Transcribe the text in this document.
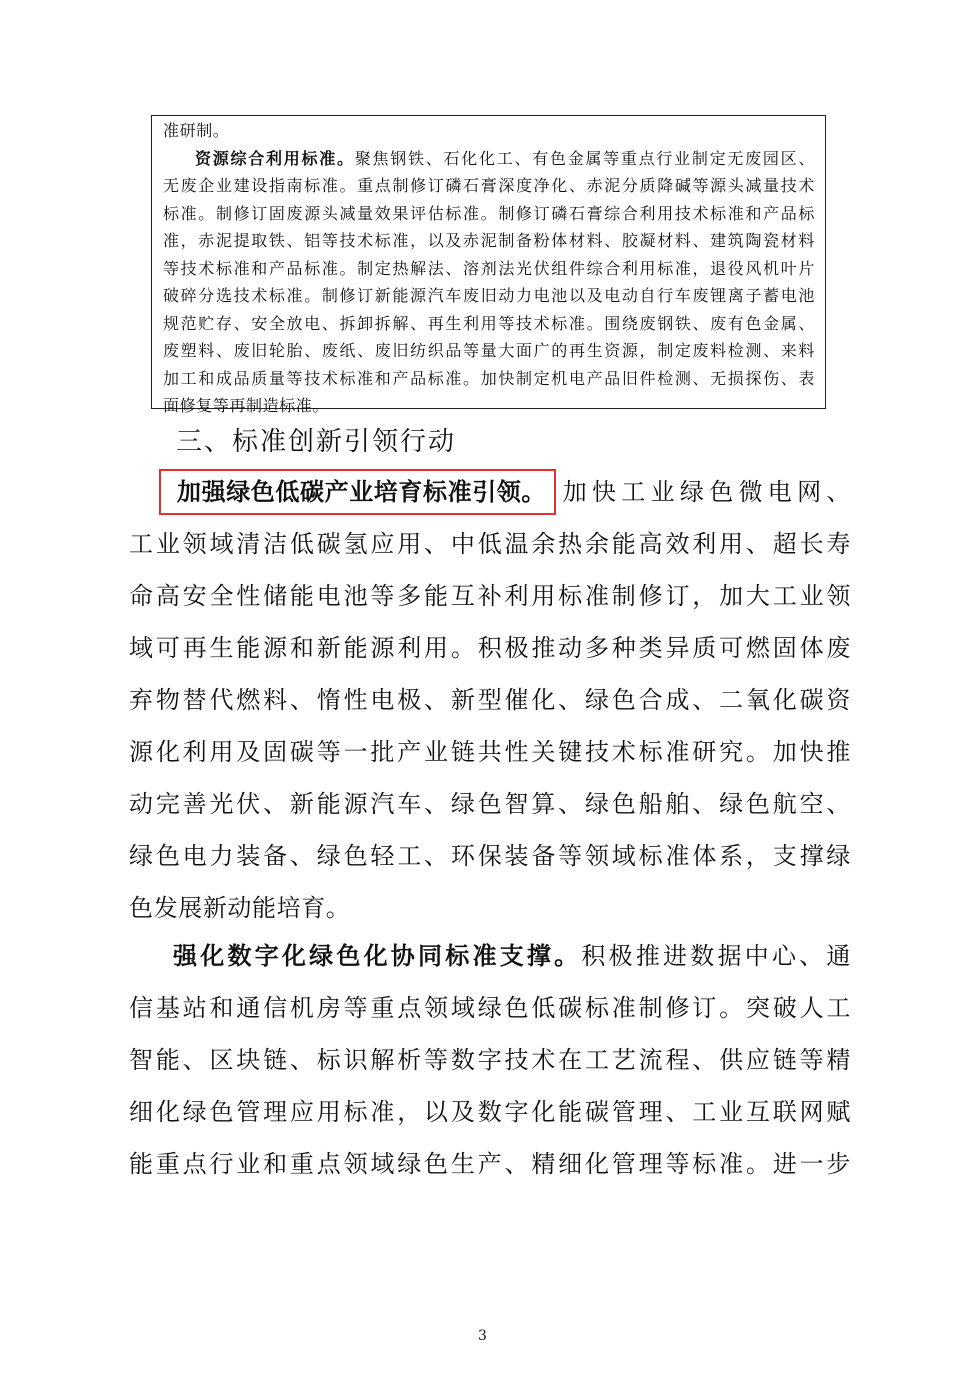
准研制。

资源综合利用标准。聚焦钢铁、石化化工、有色金属等重点行业制定无废园区、

无废企业建设指南标准。重点制修订磷石膏深度净化、赤泥分质降碱等源头减量技术

标准。制修订固废源头减量效果评估标准。制修订磷石膏综合利用技术标准和产品标

准，赤泥提取铁、铝等技术标准，以及赤泥制备粉体材料、胶凝材料、建筑陶瓷材料

等技术标准和产品标准。制定热解法、溶剂法光伏组件综合利用标准，退役风机叶片

破碎分选技术标准。制修订新能源汽车废旧动力电池以及电动自行车废锂离子蓄电池

规范贮存、安全放电、拆卸拆解、再生利用等技术标准。围绕废钢铁、废有色金属、

废塑料、废旧轮胎、废纸、废旧纺织品等量大面广的再生资源，制定废料检测、来料

加工和成品质量等技术标准和产品标准。加快制定机电产品旧件检测、无损探伤、表

面修复等再制造标准。

三、标准创新引领行动
加强绿色低碳产业培育标准引领。 加快工业绿色微电网、
工业领域清洁低碳氢应用、中低温余热余能高效利用、超长寿
命高安全性储能电池等多能互补利用标准制修订，加大工业领
域可再生能源和新能源利用。积极推动多种类异质可燃固体废
弃物替代燃料、惰性电极、新型催化、绿色合成、二氧化碳资
源化利用及固碳等一批产业链共性关键技术标准研究。加快推
动完善光伏、新能源汽车、绿色智算、绿色船舶、绿色航空、
绿色电力装备、绿色轻工、环保装备等领域标准体系，支撑绿
色发展新动能培育。
强化数字化绿色化协同标准支撑。积极推进数据中心、通
信基站和通信机房等重点领域绿色低碳标准制修订。突破人工
智能、区块链、标识解析等数字技术在工艺流程、供应链等精
细化绿色管理应用标准，以及数字化能碳管理、工业互联网赋
能重点行业和重点领域绿色生产、精细化管理等标准。进一步
3
